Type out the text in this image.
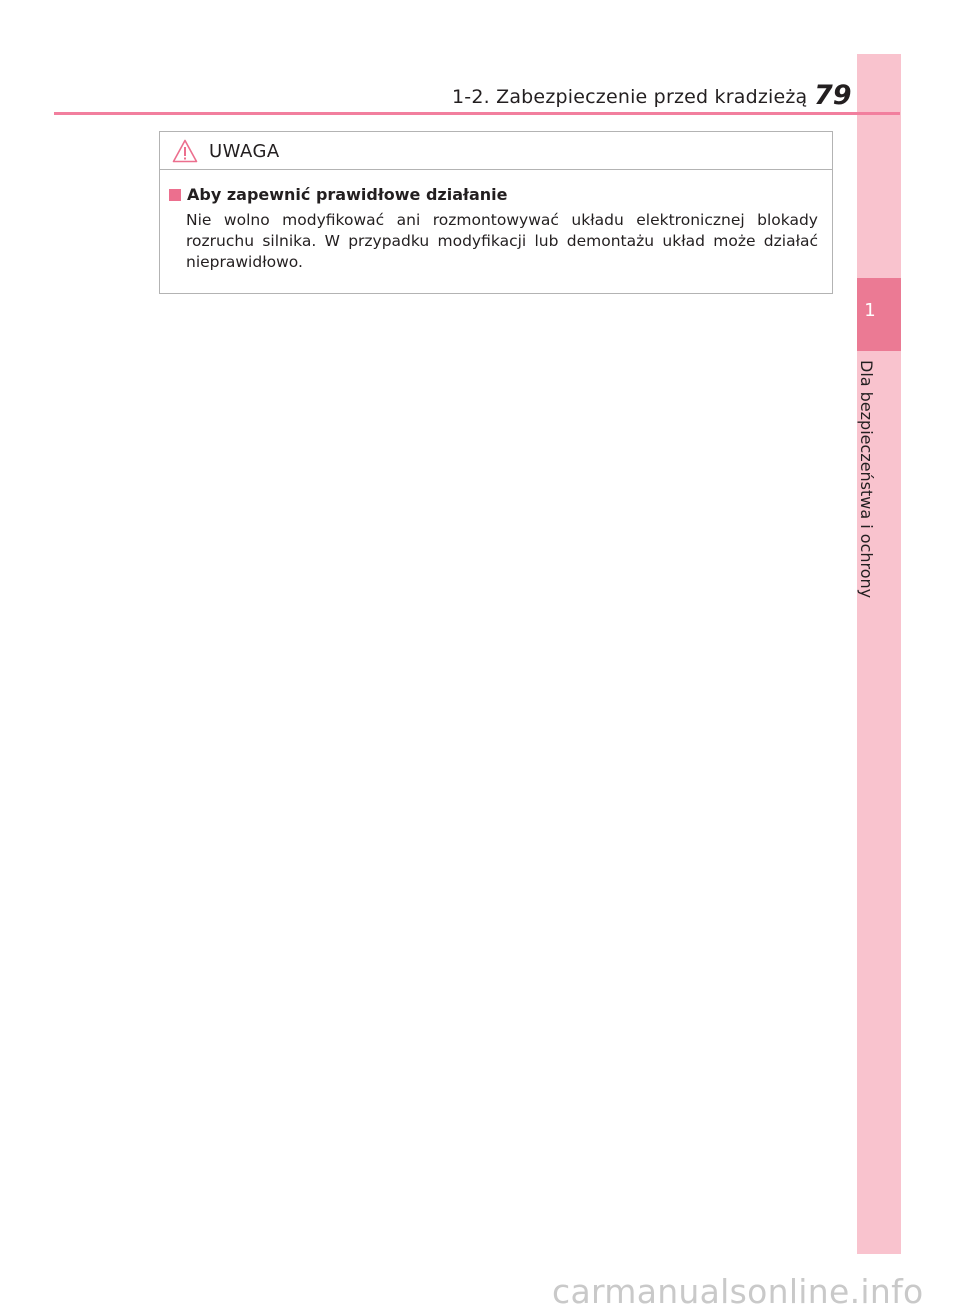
1
Dla bezpieczeństwa i ochrony
1-2. Zabezpieczenie przed kradzieżą 79
UWAGA
Aby zapewnić prawidłowe działanie
Nie wolno modyfikować ani rozmontowywać układu elektronicznej blokady rozruchu silnika. W przypadku modyfikacji lub demontażu układ może działać nieprawidłowo.
carmanualsonline.info
